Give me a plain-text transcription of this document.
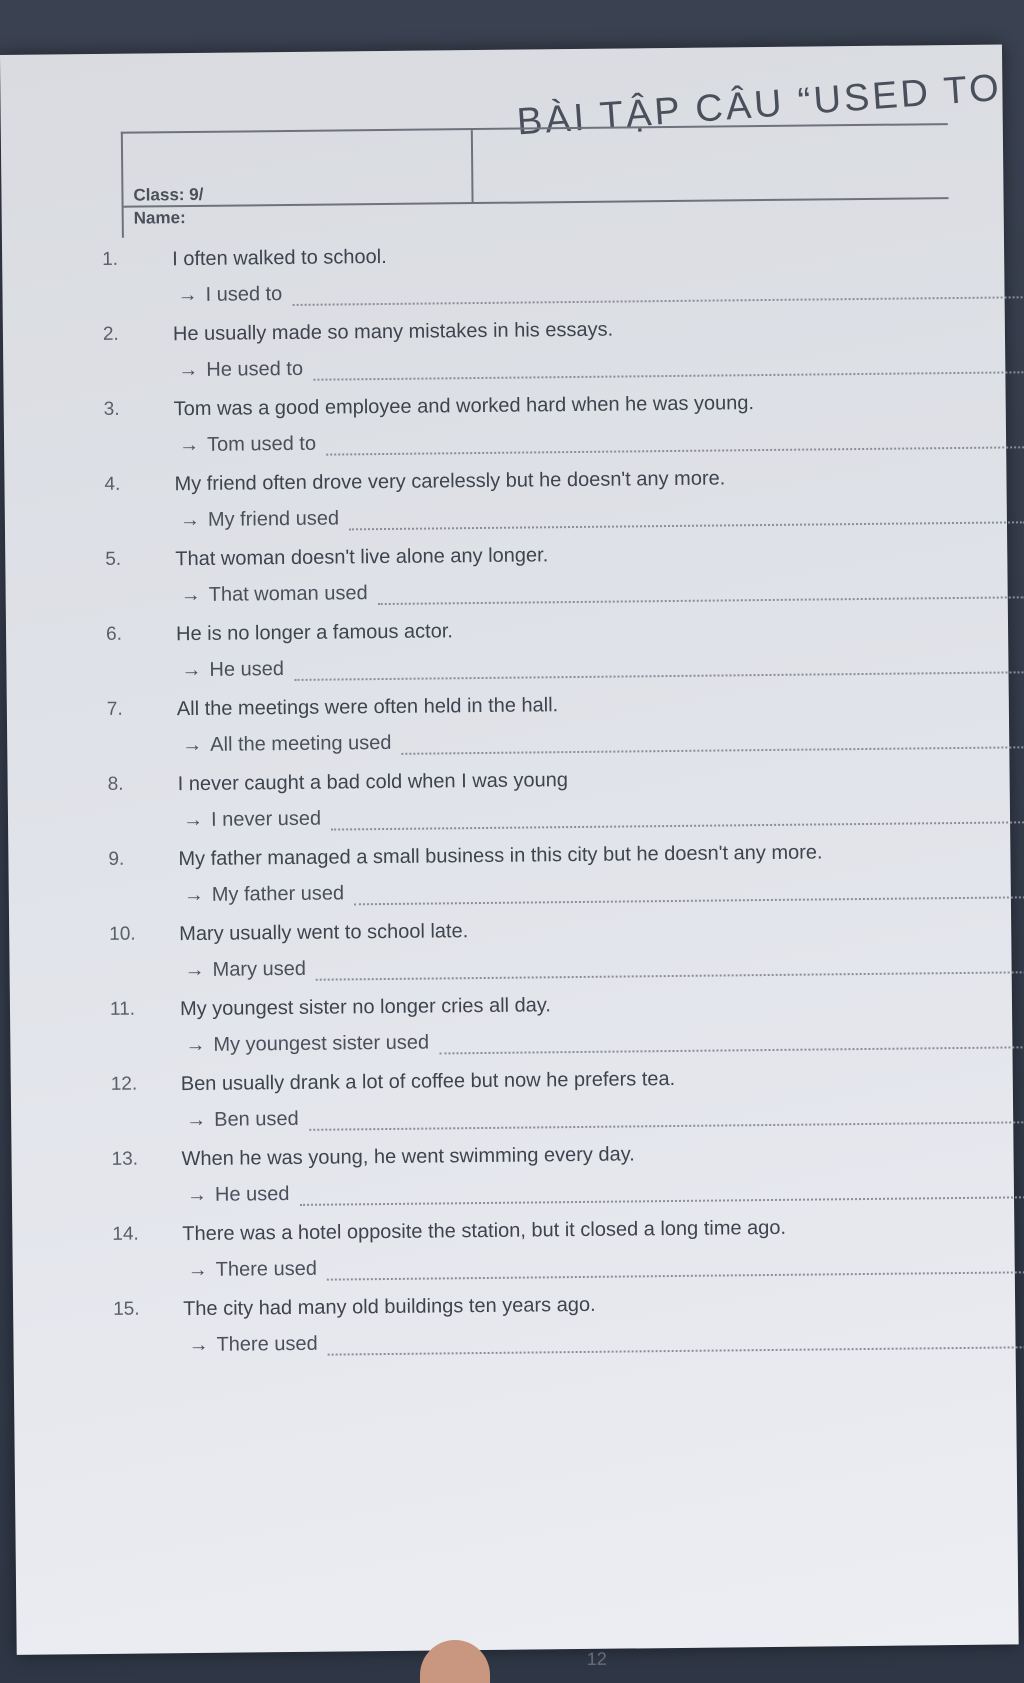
BÀI TẬP CÂU “USED TO
Class: 9/
Name:
1.	I often walked to school.
→ I used to
2.	He usually made so many mistakes in his essays.
→ He used to
3.	Tom was a good employee and worked hard when he was young.
→ Tom used to
4.	My friend often drove very carelessly but he doesn't any more.
→ My friend used
5.	That woman doesn't live alone any longer.
→ That woman used
6.	He is no longer a famous actor.
→ He used
7.	All the meetings were often held in the hall.
→ All the meeting used
8.	I never caught a bad cold when I was young
→ I never used
9.	My father managed a small business in this city but he doesn't any more.
→ My father used
10.	Mary usually went to school late.
→ Mary used
11.	My youngest sister no longer cries all day.
→ My youngest sister used
12.	Ben usually drank a lot of coffee but now he prefers tea.
→ Ben used
13.	When he was young, he went swimming every day.
→ He used
14.	There was a hotel opposite the station, but it closed a long time ago.
→ There used
15.	The city had many old buildings ten years ago.
→ There used
12
